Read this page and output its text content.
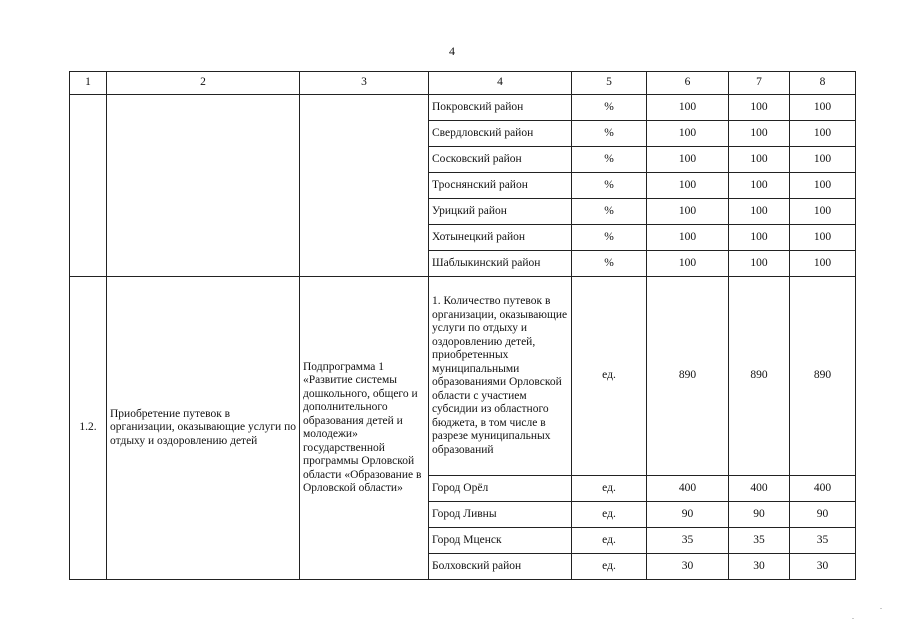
4
1	2	3	4	5	6	7	8
			Покровский район	%	100	100	100
			Свердловский район	%	100	100	100
			Сосковский район	%	100	100	100
			Троснянский район	%	100	100	100
			Урицкий район	%	100	100	100
			Хотынецкий район	%	100	100	100
			Шаблыкинский район	%	100	100	100
1.2.	Приобретение путевок в организации, оказывающие услуги по отдыху и оздоровлению детей	Подпрограмма 1 «Развитие системы дошкольного, общего и дополнительного образования детей и молодежи» государственной программы Орловской области «Образование в Орловской области»	1. Количество путевок в организации, оказывающие услуги по отдыху и оздоровлению детей, приобретенных муниципальными образованиями Орловской области с участием субсидии из областного бюджета, в том числе в разрезе муниципальных образований	ед.	890	890	890
			Город Орёл	ед.	400	400	400
			Город Ливны	ед.	90	90	90
			Город Мценск	ед.	35	35	35
			Болховский район	ед.	30	30	30
.
.
